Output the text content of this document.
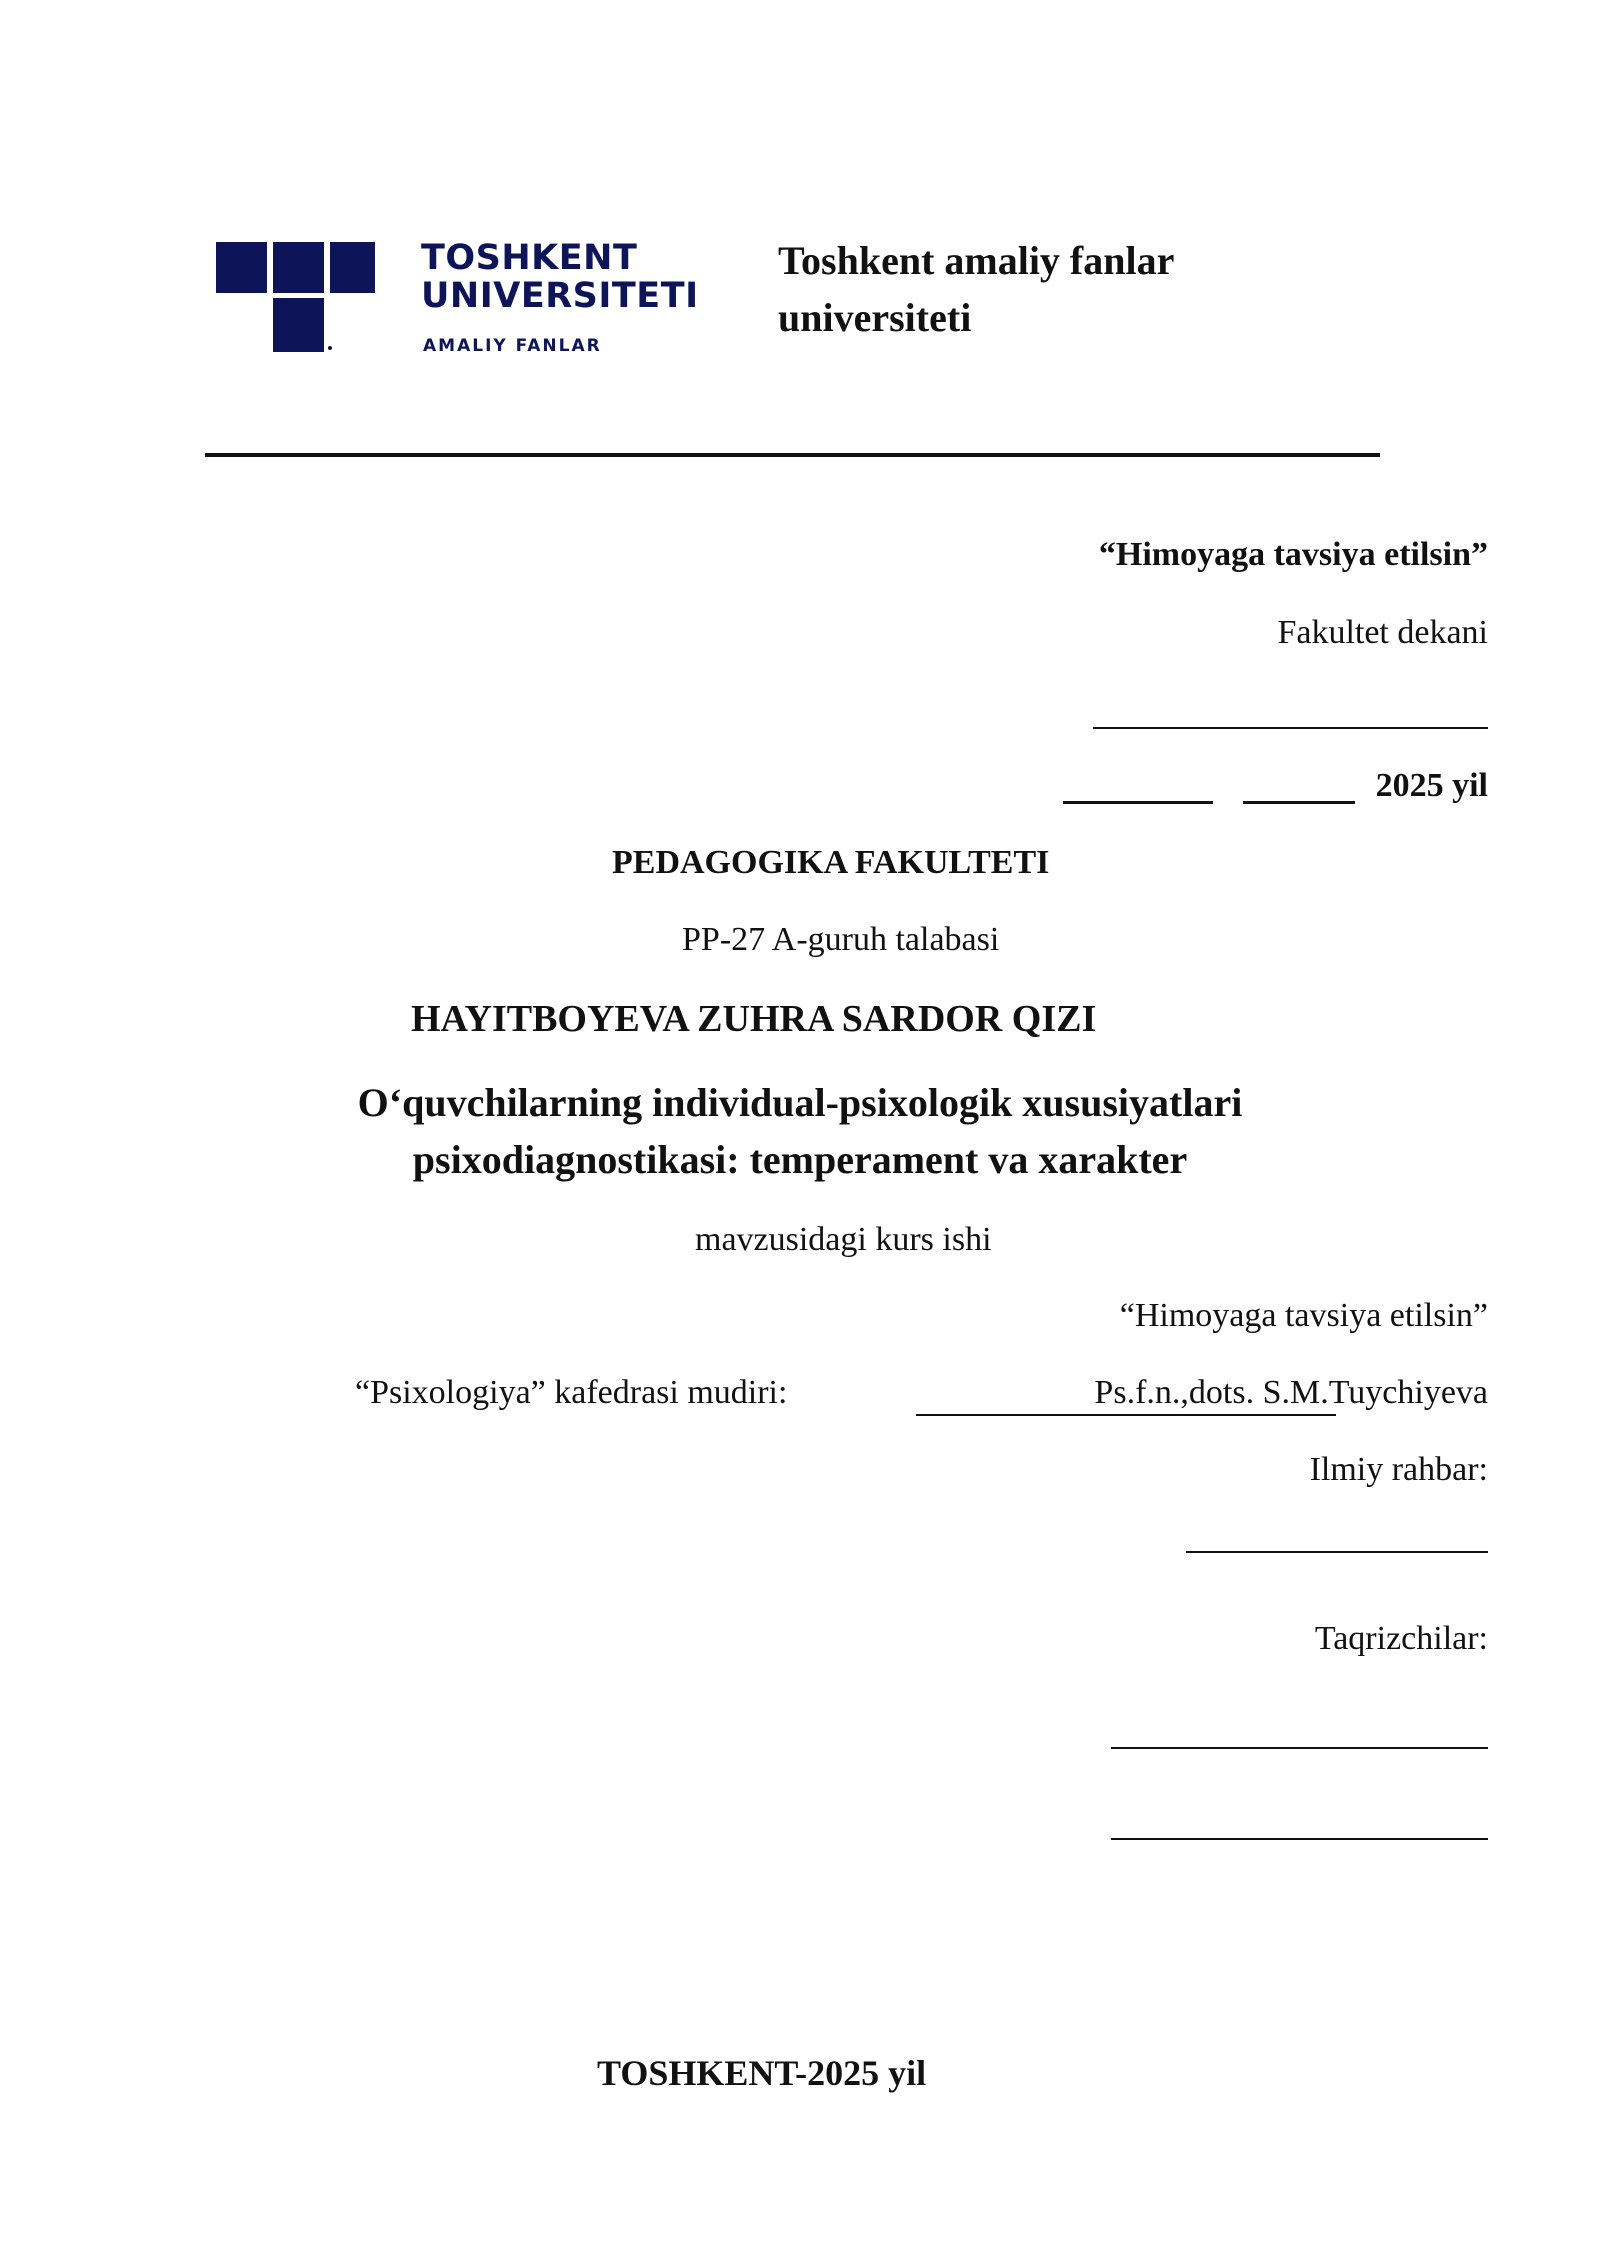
TOSHKENT
UNIVERSITETI
AMALIY FANLAR
Toshkent amaliy fanlar
universiteti
“Himoyaga tavsiya etilsin”
Fakultet dekani
2025 yil
PEDAGOGIKA FAKULTETI
PP-27 A-guruh talabasi
HAYITBOYEVA ZUHRA SARDOR QIZI
O‘quvchilarning individual-psixologik xususiyatlari
psixodiagnostikasi: temperament va xarakter
mavzusidagi kurs ishi
“Himoyaga tavsiya etilsin”
“Psixologiya” kafedrasi mudiri:	Ps.f.n.,dots. S.M.Tuychiyeva
Ilmiy rahbar:
Taqrizchilar:
TOSHKENT-2025 yil
